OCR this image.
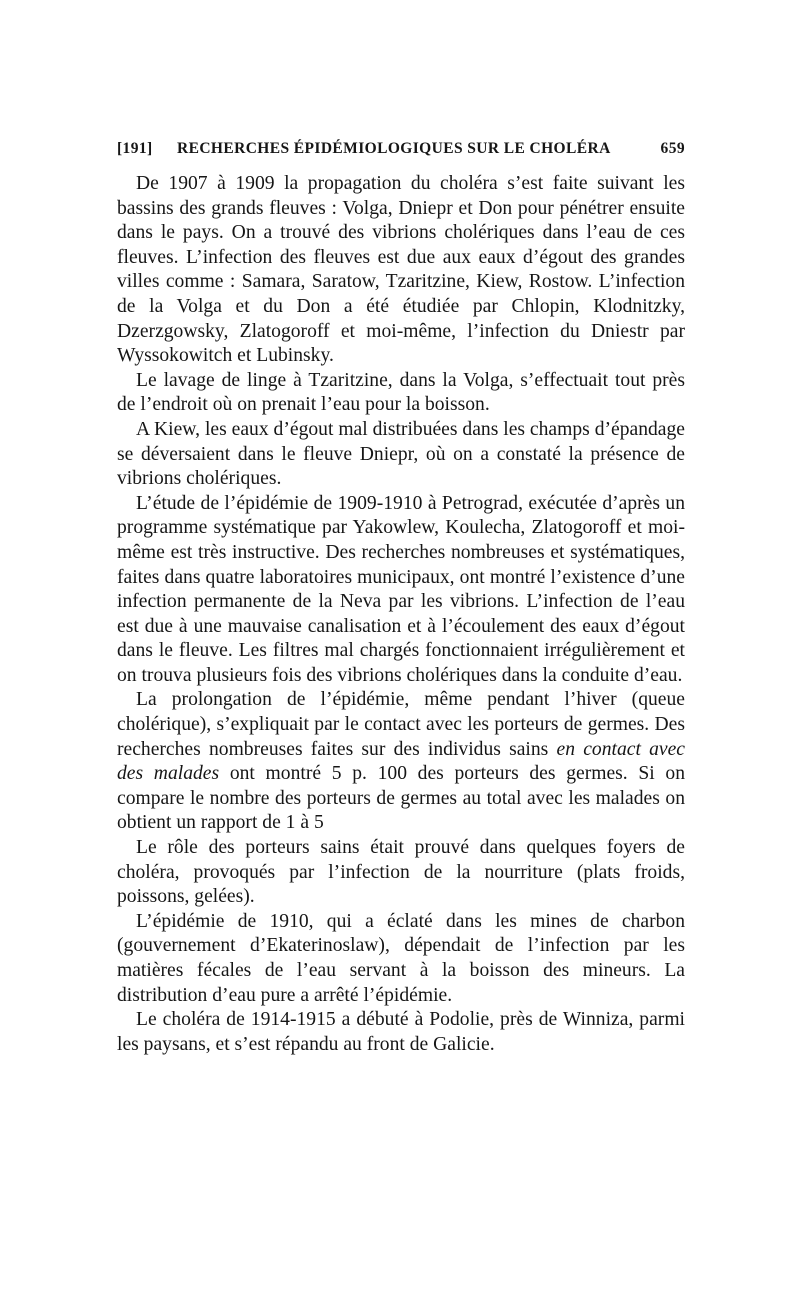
[191] RECHERCHES ÉPIDÉMIOLOGIQUES SUR LE CHOLÉRA	659

De 1907 à 1909 la propagation du choléra s’est faite suivant les bassins des grands fleuves : Volga, Dniepr et Don pour pénétrer ensuite dans le pays. On a trouvé des vibrions cholériques dans l’eau de ces fleuves. L’infection des fleuves est due aux eaux d’égout des grandes villes comme : Samara, Saratow, Tzaritzine, Kiew, Rostow. L’infection de la Volga et du Don a été étudiée par Chlopin, Klodnitzky, Dzerzgowsky, Zlatogoroff et moi-même, l’infection du Dniestr par Wyssokowitch et Lubinsky.

Le lavage de linge à Tzaritzine, dans la Volga, s’effectuait tout près de l’endroit où on prenait l’eau pour la boisson.

A Kiew, les eaux d’égout mal distribuées dans les champs d’épandage se déversaient dans le fleuve Dniepr, où on a constaté la présence de vibrions cholériques.

L’étude de l’épidémie de 1909-1910 à Petrograd, exécutée d’après un programme systématique par Yakowlew, Koulecha, Zlatogoroff et moi-même est très instructive. Des recherches nombreuses et systématiques, faites dans quatre laboratoires municipaux, ont montré l’existence d’une infection permanente de la Neva par les vibrions. L’infection de l’eau est due à une mauvaise canalisation et à l’écoulement des eaux d’égout dans le fleuve. Les filtres mal chargés fonctionnaient irrégulièrement et on trouva plusieurs fois des vibrions cholériques dans la conduite d’eau.

La prolongation de l’épidémie, même pendant l’hiver (queue cholérique), s’expliquait par le contact avec les porteurs de germes. Des recherches nombreuses faites sur des individus sains en contact avec des malades ont montré 5 p. 100 des porteurs des germes. Si on compare le nombre des porteurs de germes au total avec les malades on obtient un rapport de 1 à 5

Le rôle des porteurs sains était prouvé dans quelques foyers de choléra, provoqués par l’infection de la nourriture (plats froids, poissons, gelées).

L’épidémie de 1910, qui a éclaté dans les mines de charbon (gouvernement d’Ekaterinoslaw), dépendait de l’infection par les matières fécales de l’eau servant à la boisson des mineurs. La distribution d’eau pure a arrêté l’épidémie.

Le choléra de 1914-1915 a débuté à Podolie, près de Winniza, parmi les paysans, et s’est répandu au front de Galicie.
